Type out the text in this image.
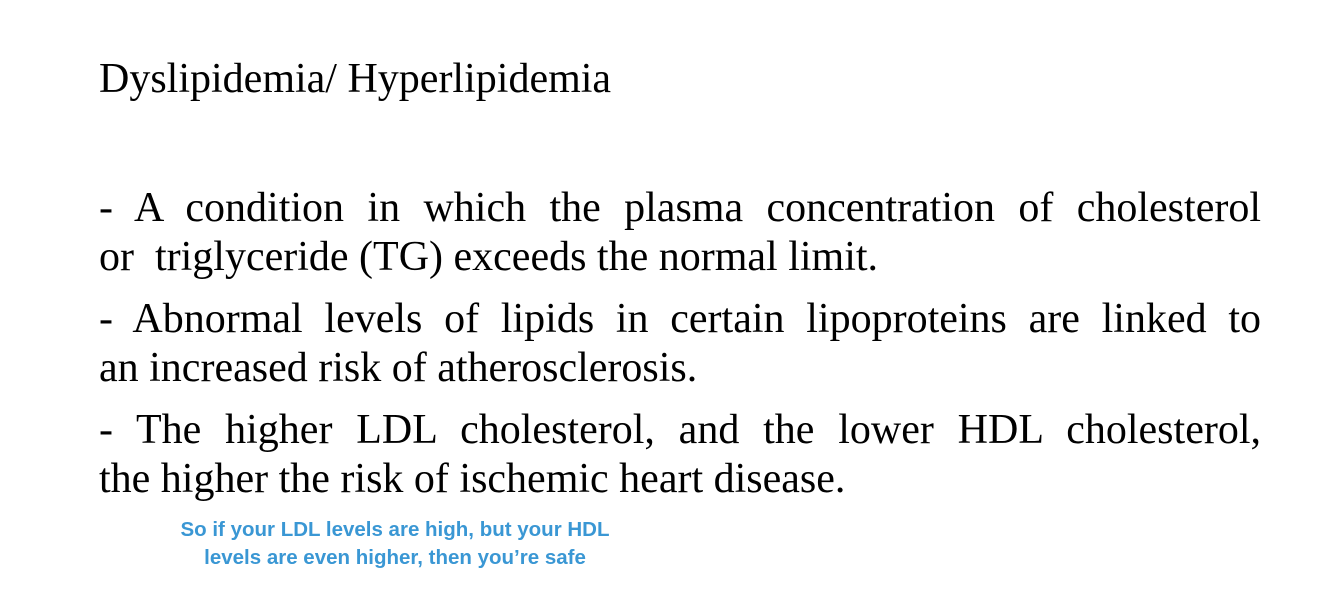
Dyslipidemia/ Hyperlipidemia
- A condition in which the plasma concentration of cholesterol
or  triglyceride (TG) exceeds the normal limit.
- Abnormal levels of lipids in certain lipoproteins are linked to
an increased risk of atherosclerosis.
- The higher LDL cholesterol, and the lower HDL cholesterol,
the higher the risk of ischemic heart disease.
So if your LDL levels are high, but your HDL
levels are even higher, then you’re safe
